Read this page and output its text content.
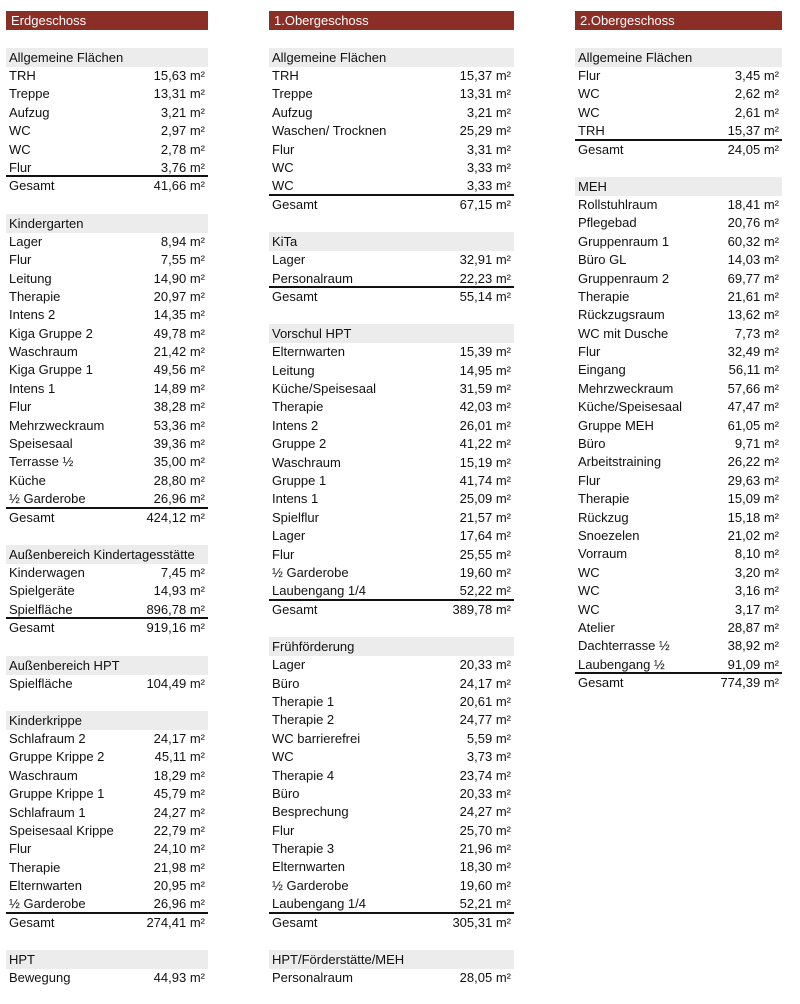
Erdgeschoss
Allgemeine Flächen
TRH	15,63 m²
Treppe	13,31 m²
Aufzug	3,21 m²
WC	2,97 m²
WC	2,78 m²
Flur	3,76 m²
Gesamt	41,66 m²
Kindergarten
Lager	8,94 m²
Flur	7,55 m²
Leitung	14,90 m²
Therapie	20,97 m²
Intens 2	14,35 m²
Kiga Gruppe 2	49,78 m²
Waschraum	21,42 m²
Kiga Gruppe 1	49,56 m²
Intens 1	14,89 m²
Flur	38,28 m²
Mehrzweckraum	53,36 m²
Speisesaal	39,36 m²
Terrasse ½	35,00 m²
Küche	28,80 m²
½ Garderobe	26,96 m²
Gesamt	424,12 m²
Außenbereich Kindertagesstätte
Kinderwagen	7,45 m²
Spielgeräte	14,93 m²
Spielfläche	896,78 m²
Gesamt	919,16 m²
Außenbereich HPT
Spielfläche	104,49 m²
Kinderkrippe
Schlafraum 2	24,17 m²
Gruppe Krippe 2	45,11 m²
Waschraum	18,29 m²
Gruppe Krippe 1	45,79 m²
Schlafraum 1	24,27 m²
Speisesaal Krippe	22,79 m²
Flur	24,10 m²
Therapie	21,98 m²
Elternwarten	20,95 m²
½ Garderobe	26,96 m²
Gesamt	274,41 m²
HPT
Bewegung	44,93 m²
1.Obergeschoss
Allgemeine Flächen
TRH	15,37 m²
Treppe	13,31 m²
Aufzug	3,21 m²
Waschen/ Trocknen	25,29 m²
Flur	3,31 m²
WC	3,33 m²
WC	3,33 m²
Gesamt	67,15 m²
KiTa
Lager	32,91 m²
Personalraum	22,23 m²
Gesamt	55,14 m²
Vorschul HPT
Elternwarten	15,39 m²
Leitung	14,95 m²
Küche/Speisesaal	31,59 m²
Therapie	42,03 m²
Intens 2	26,01 m²
Gruppe 2	41,22 m²
Waschraum	15,19 m²
Gruppe 1	41,74 m²
Intens 1	25,09 m²
Spielflur	21,57 m²
Lager	17,64 m²
Flur	25,55 m²
½ Garderobe	19,60 m²
Laubengang 1/4	52,22 m²
Gesamt	389,78 m²
Frühförderung
Lager	20,33 m²
Büro	24,17 m²
Therapie 1	20,61 m²
Therapie 2	24,77 m²
WC barrierefrei	5,59 m²
WC	3,73 m²
Therapie 4	23,74 m²
Büro	20,33 m²
Besprechung	24,27 m²
Flur	25,70 m²
Therapie 3	21,96 m²
Elternwarten	18,30 m²
½ Garderobe	19,60 m²
Laubengang 1/4	52,21 m²
Gesamt	305,31 m²
HPT/Förderstätte/MEH
Personalraum	28,05 m²
2.Obergeschoss
Allgemeine Flächen
Flur	3,45 m²
WC	2,62 m²
WC	2,61 m²
TRH	15,37 m²
Gesamt	24,05 m²
MEH
Rollstuhlraum	18,41 m²
Pflegebad	20,76 m²
Gruppenraum 1	60,32 m²
Büro GL	14,03 m²
Gruppenraum 2	69,77 m²
Therapie	21,61 m²
Rückzugsraum	13,62 m²
WC mit Dusche	7,73 m²
Flur	32,49 m²
Eingang	56,11 m²
Mehrzweckraum	57,66 m²
Küche/Speisesaal	47,47 m²
Gruppe MEH	61,05 m²
Büro	9,71 m²
Arbeitstraining	26,22 m²
Flur	29,63 m²
Therapie	15,09 m²
Rückzug	15,18 m²
Snoezelen	21,02 m²
Vorraum	8,10 m²
WC	3,20 m²
WC	3,16 m²
WC	3,17 m²
Atelier	28,87 m²
Dachterrasse ½	38,92 m²
Laubengang ½	91,09 m²
Gesamt	774,39 m²
